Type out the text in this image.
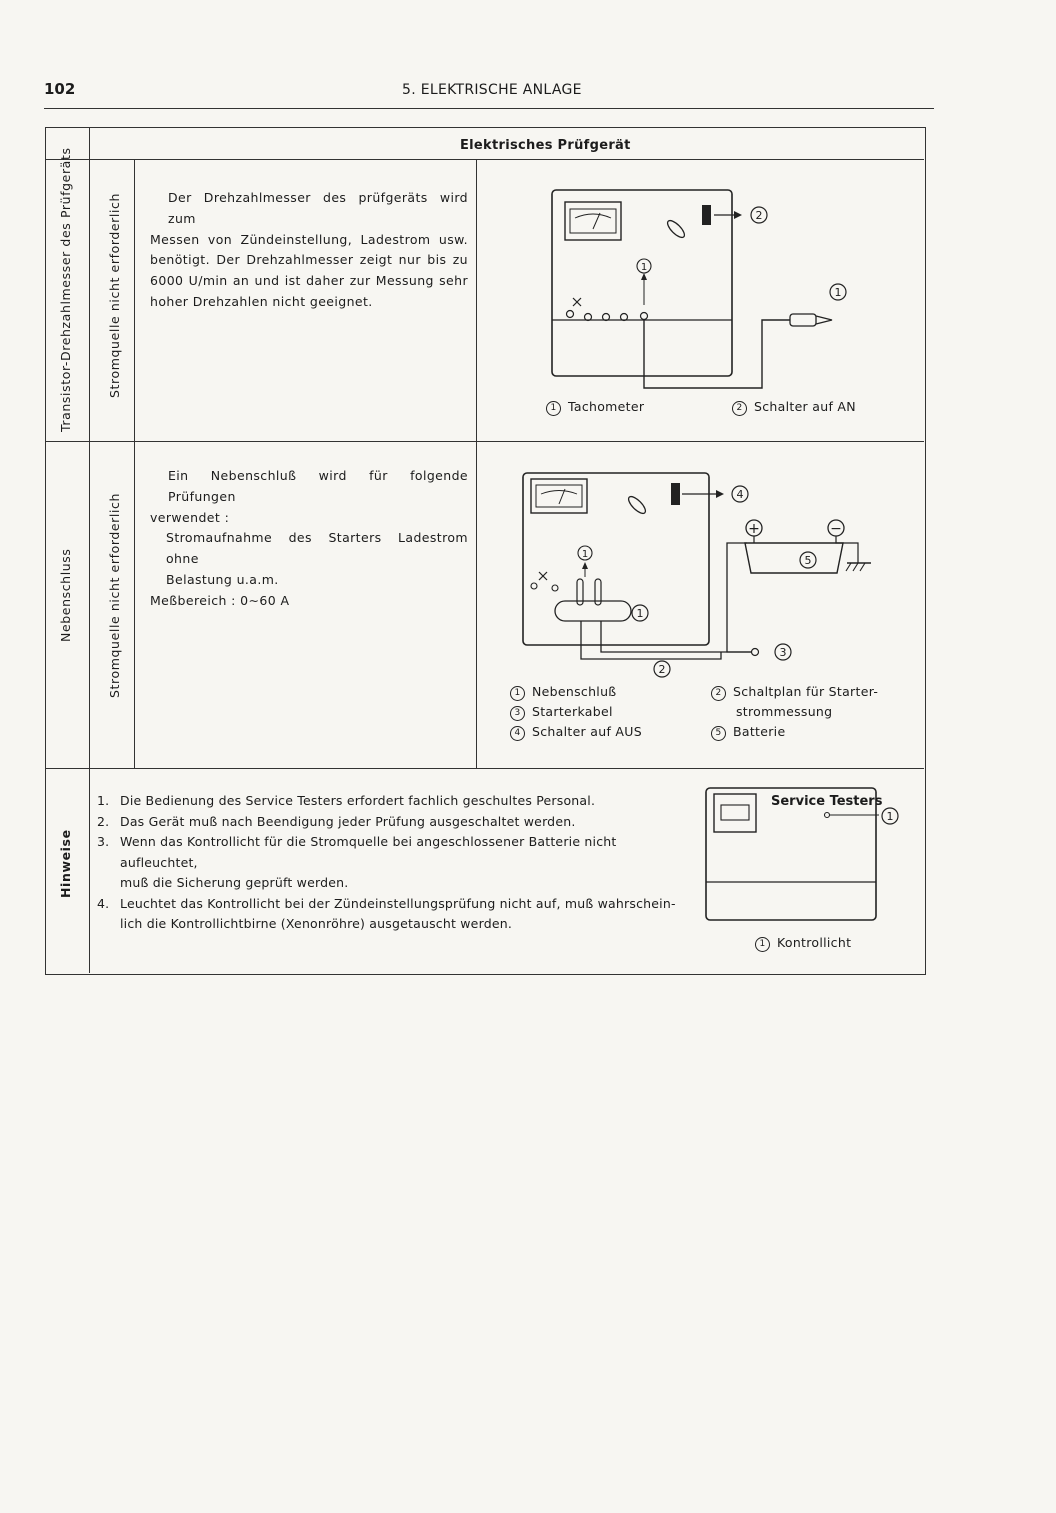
102	5. ELEKTRISCHE ANLAGE
Elektrisches Prüfgerät
Transistor-Drehzahlmesser des Prüfgeräts	Stromquelle nicht erforderlich	Der Drehzahlmesser des prüfgeräts wird zum
Messen von Zündeinstellung, Ladestrom usw.
benötigt. Der Drehzahlmesser zeigt nur bis zu
6000 U/min an und ist daher zur Messung sehr
hoher Drehzahlen nicht geeignet.
2
1
1
1 Tachometer	2 Schalter auf AN
Nebenschluss	Stromquelle nicht erforderlich
Ein Nebenschluß wird für folgende Prüfungen
verwendet :
Stromaufnahme des Starters Ladestrom ohne
Belastung u.a.m.
Meßbereich : 0∼60 A
4
1
1
2
3
5
+	−
1 Nebenschluß
3 Starterkabel
4 Schalter auf AUS
2 Schaltplan für Starter-
strommessung
5 Batterie
Hinweise
1. Die Bedienung des Service Testers erfordert fachlich geschultes Personal.
2. Das Gerät muß nach Beendigung jeder Prüfung ausgeschaltet werden.
3. Wenn das Kontrollicht für die Stromquelle bei angeschlossener Batterie nicht aufleuchtet,
muß die Sicherung geprüft werden.
4. Leuchtet das Kontrollicht bei der Zündeinstellungsprüfung nicht auf, muß wahrschein-
lich die Kontrollichtbirne (Xenonröhre) ausgetauscht werden.
Service Testers
1
1 Kontrollicht
